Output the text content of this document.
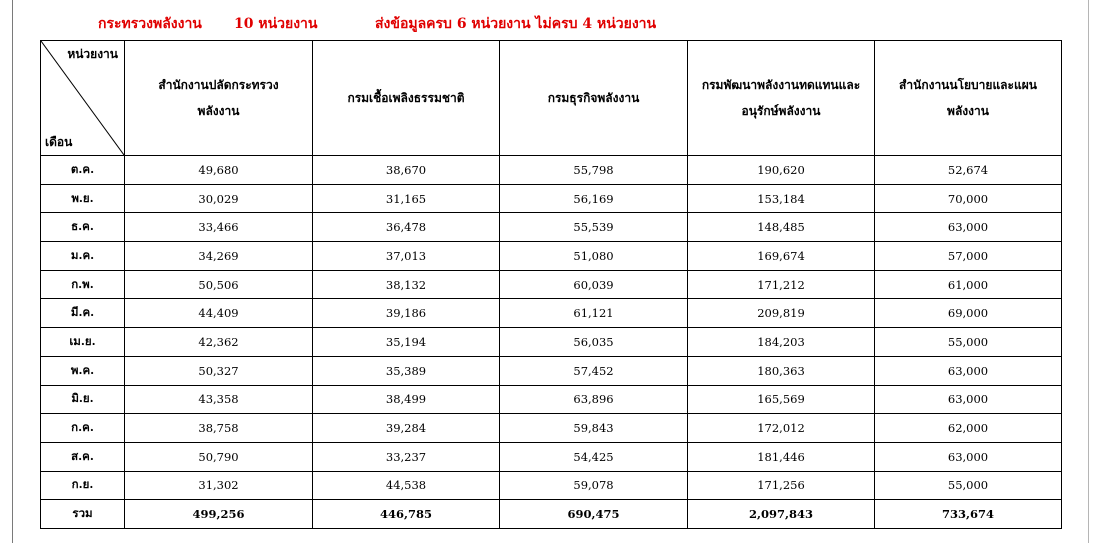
กระทรวงพลังงาน 10 หน่วยงาน	ส่งข้อมูลครบ 6 หน่วยงาน ไม่ครบ 4 หน่วยงาน
หน่วยงาน
เดือน	สำนักงานปลัดกระทรวงพลังงาน	กรมเชื้อเพลิงธรรมชาติ	กรมธุรกิจพลังงาน	กรมพัฒนาพลังงานทดแทนและอนุรักษ์พลังงาน	สำนักงานนโยบายและแผนพลังงาน
ต.ค.	49,680	38,670	55,798	190,620	52,674
พ.ย.	30,029	31,165	56,169	153,184	70,000
ธ.ค.	33,466	36,478	55,539	148,485	63,000
ม.ค.	34,269	37,013	51,080	169,674	57,000
ก.พ.	50,506	38,132	60,039	171,212	61,000
มี.ค.	44,409	39,186	61,121	209,819	69,000
เม.ย.	42,362	35,194	56,035	184,203	55,000
พ.ค.	50,327	35,389	57,452	180,363	63,000
มิ.ย.	43,358	38,499	63,896	165,569	63,000
ก.ค.	38,758	39,284	59,843	172,012	62,000
ส.ค.	50,790	33,237	54,425	181,446	63,000
ก.ย.	31,302	44,538	59,078	171,256	55,000
รวม	499,256	446,785	690,475	2,097,843	733,674
